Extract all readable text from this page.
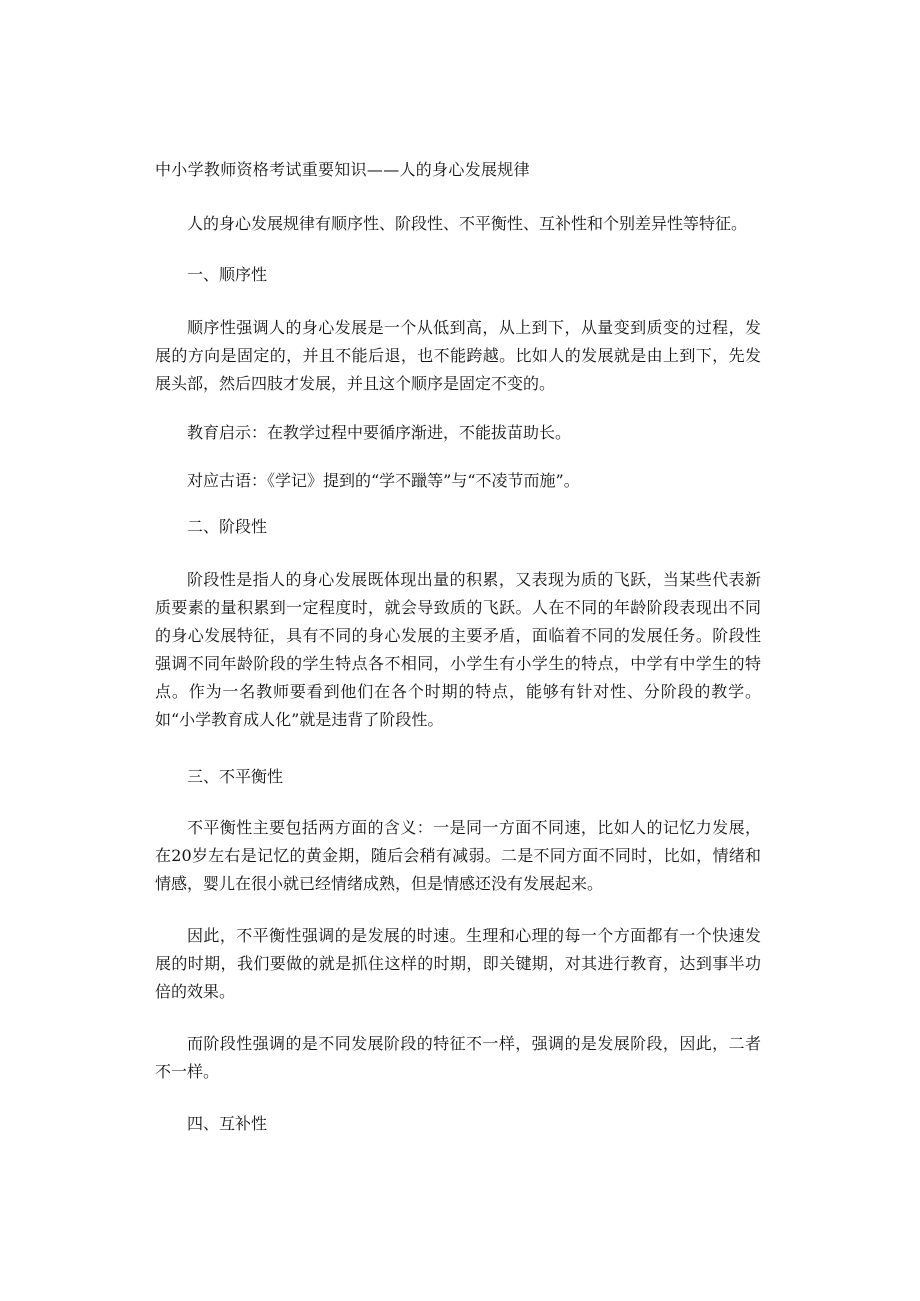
中小学教师资格考试重要知识——人的身心发展规律

人的身心发展规律有顺序性、阶段性、不平衡性、互补性和个别差异性等特征。

一、顺序性

顺序性强调人的身心发展是一个从低到高，从上到下，从量变到质变的过程，发展的方向是固定的，并且不能后退，也不能跨越。比如人的发展就是由上到下，先发展头部，然后四肢才发展，并且这个顺序是固定不变的。

教育启示：在教学过程中要循序渐进，不能拔苗助长。

对应古语：《学记》提到的“学不躐等”与“不凌节而施”。

二、阶段性

阶段性是指人的身心发展既体现出量的积累，又表现为质的飞跃，当某些代表新质要素的量积累到一定程度时，就会导致质的飞跃。人在不同的年龄阶段表现出不同的身心发展特征，具有不同的身心发展的主要矛盾，面临着不同的发展任务。阶段性强调不同年龄阶段的学生特点各不相同，小学生有小学生的特点，中学有中学生的特点。作为一名教师要看到他们在各个时期的特点，能够有针对性、分阶段的教学。如“小学教育成人化”就是违背了阶段性。

三、不平衡性

不平衡性主要包括两方面的含义：一是同一方面不同速，比如人的记忆力发展，在20岁左右是记忆的黄金期，随后会稍有减弱。二是不同方面不同时，比如，情绪和情感，婴儿在很小就已经情绪成熟，但是情感还没有发展起来。

因此，不平衡性强调的是发展的时速。生理和心理的每一个方面都有一个快速发展的时期，我们要做的就是抓住这样的时期，即关键期，对其进行教育，达到事半功倍的效果。

而阶段性强调的是不同发展阶段的特征不一样，强调的是发展阶段，因此，二者不一样。

四、互补性
